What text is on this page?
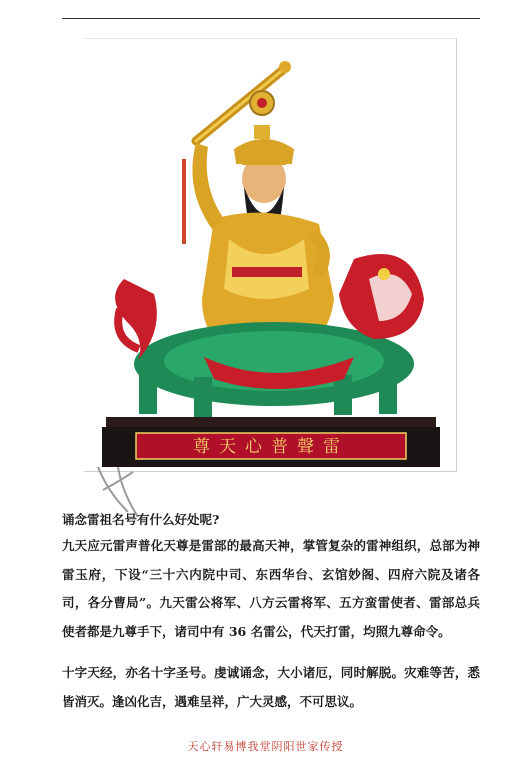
尊天心普聲雷
诵念雷祖名号有什么好处呢?

九天应元雷声普化天尊是雷部的最高天神，掌管复杂的雷神组织，总部为神雷玉府，下设“三十六内院中司、东西华台、玄馆妙阁、四府六院及诸各司，各分曹局”。九天雷公将军、八方云雷将军、五方蛮雷使者、雷部总兵使者都是九尊手下，诸司中有 36 名雷公，代天打雷，均照九尊命令。

十字天经，亦名十字圣号。虔诚诵念，大小诸厄，同时解脱。灾难等苦，悉皆消灭。逢凶化吉，遇难呈祥，广大灵感，不可思议。

天心轩易博我堂阴阳世家传授
